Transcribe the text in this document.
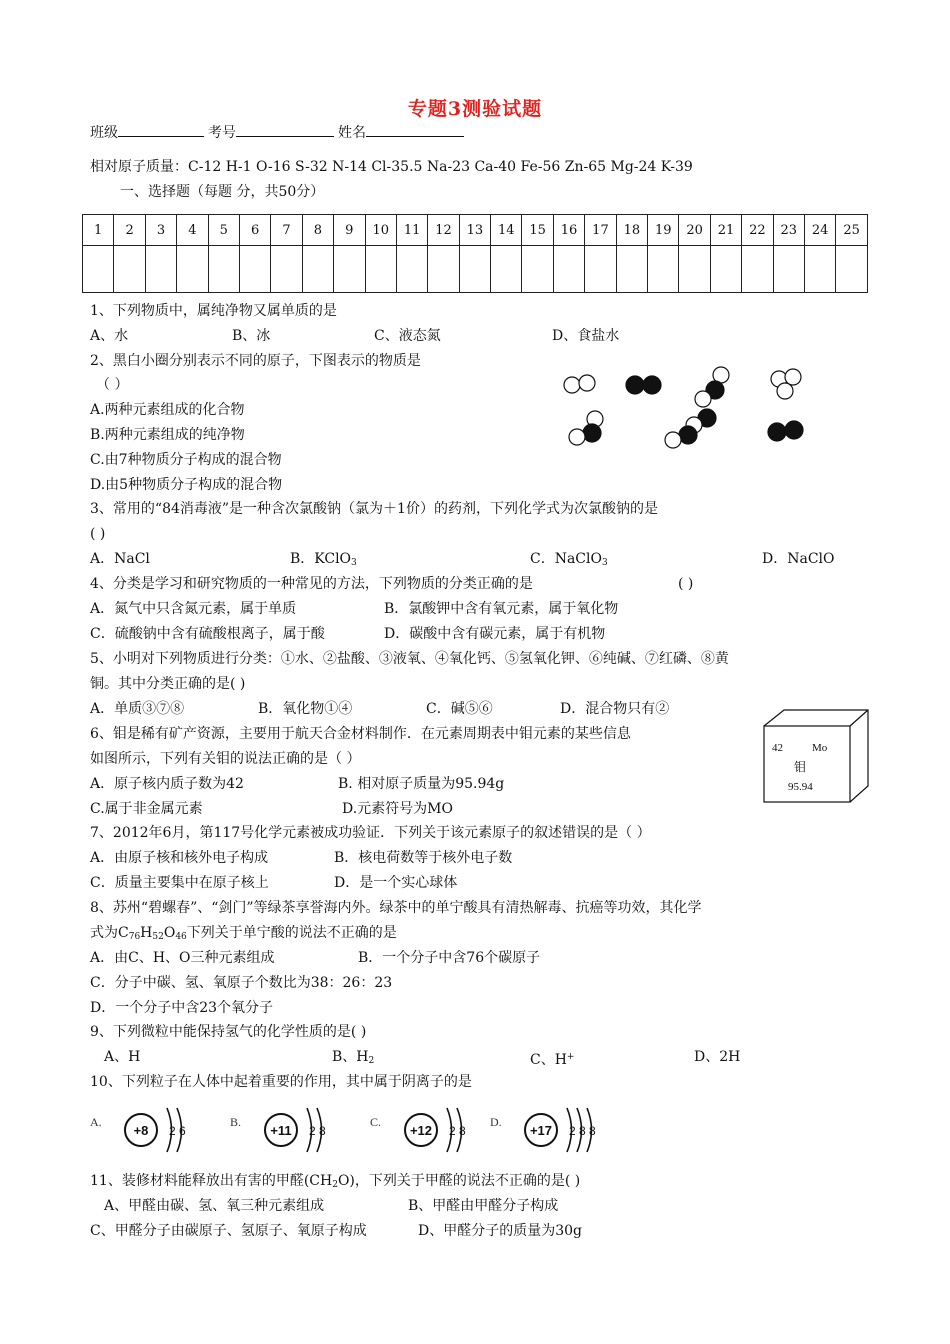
专题3测验试题
班级	考号	姓名
相对原子质量：C-12 H-1 O-16 S-32 N-14 Cl-35.5 Na-23 Ca-40 Fe-56 Zn-65 Mg-24 K-39
一、选择题（每题 分，共50分）
1	2	3	4	5	6	7	8	9	10	11	12	13	14	15	16	17	18	19	20	21	22	23	24	25

1、下列物质中，属纯净物又属单质的是
A、水	B、冰	C、液态氮	D、食盐水
2、黑白小圈分别表示不同的原子，下图表示的物质是
（ ）
A.两种元素组成的化合物
B.两种元素组成的纯净物
C.由7种物质分子构成的混合物
D.由5种物质分子构成的混合物
3、常用的“84消毒液”是一种含次氯酸钠（氯为＋1价）的药剂，下列化学式为次氯酸钠的是
( )
A．NaCl	B．KClO$_3$	C．NaClO$_3$	D．NaClO
4、分类是学习和研究物质的一种常见的方法，下列物质的分类正确的是	( )
A．氮气中只含氮元素，属于单质	B．氯酸钾中含有氧元素，属于氧化物
C．硫酸钠中含有硫酸根离子，属于酸	D．碳酸中含有碳元素，属于有机物
5、小明对下列物质进行分类：①水、②盐酸、③液氧、④氧化钙、⑤氢氧化钾、⑥纯碱、⑦红磷、⑧黄
铜。其中分类正确的是( )
A．单质③⑦⑧	B．氧化物①④	C．碱⑤⑥	D．混合物只有②
6、钼是稀有矿产资源，主要用于航天合金材料制作．在元素周期表中钼元素的某些信息
如图所示，下列有关钼的说法正确的是（ ）
A．原子核内质子数为42	B. 相对原子质量为95.94g
C.属于非金属元素	D.元素符号为MO
42	Mo
钼
95.94
7、2012年6月，第117号化学元素被成功验证．下列关于该元素原子的叙述错误的是（ ）
A．由原子核和核外电子构成	B．核电荷数等于核外电子数
C．质量主要集中在原子核上	D．是一个实心球体
8、苏州“碧螺春”、“剑门”等绿茶享誉海内外。绿茶中的单宁酸具有清热解毒、抗癌等功效，其化学
式为$C_{76}H_{52}O_{46}$下列关于单宁酸的说法不正确的是
A．由C、H、O三种元素组成	B．一个分子中含76个碳原子
C．分子中碳、氢、氧原子个数比为38：26：23
D．一个分子中含23个氧分子
9、下列微粒中能保持氢气的化学性质的是( )
A、H	B、$H_2$	C、H+	D、2H
10、下列粒子在人体中起着重要的作用，其中属于阴离子的是
A.
+8 2 6
B.
+11 2 8
C.
+12 2 8
D.
+17 2 8 8
11、装修材料能释放出有害的甲醛$(CH_2O)$，下列关于甲醛的说法不正确的是( )
A、甲醛由碳、氢、氧三种元素组成	B、甲醛由甲醛分子构成
C、甲醛分子由碳原子、氢原子、氧原子构成	D、甲醛分子的质量为30g
